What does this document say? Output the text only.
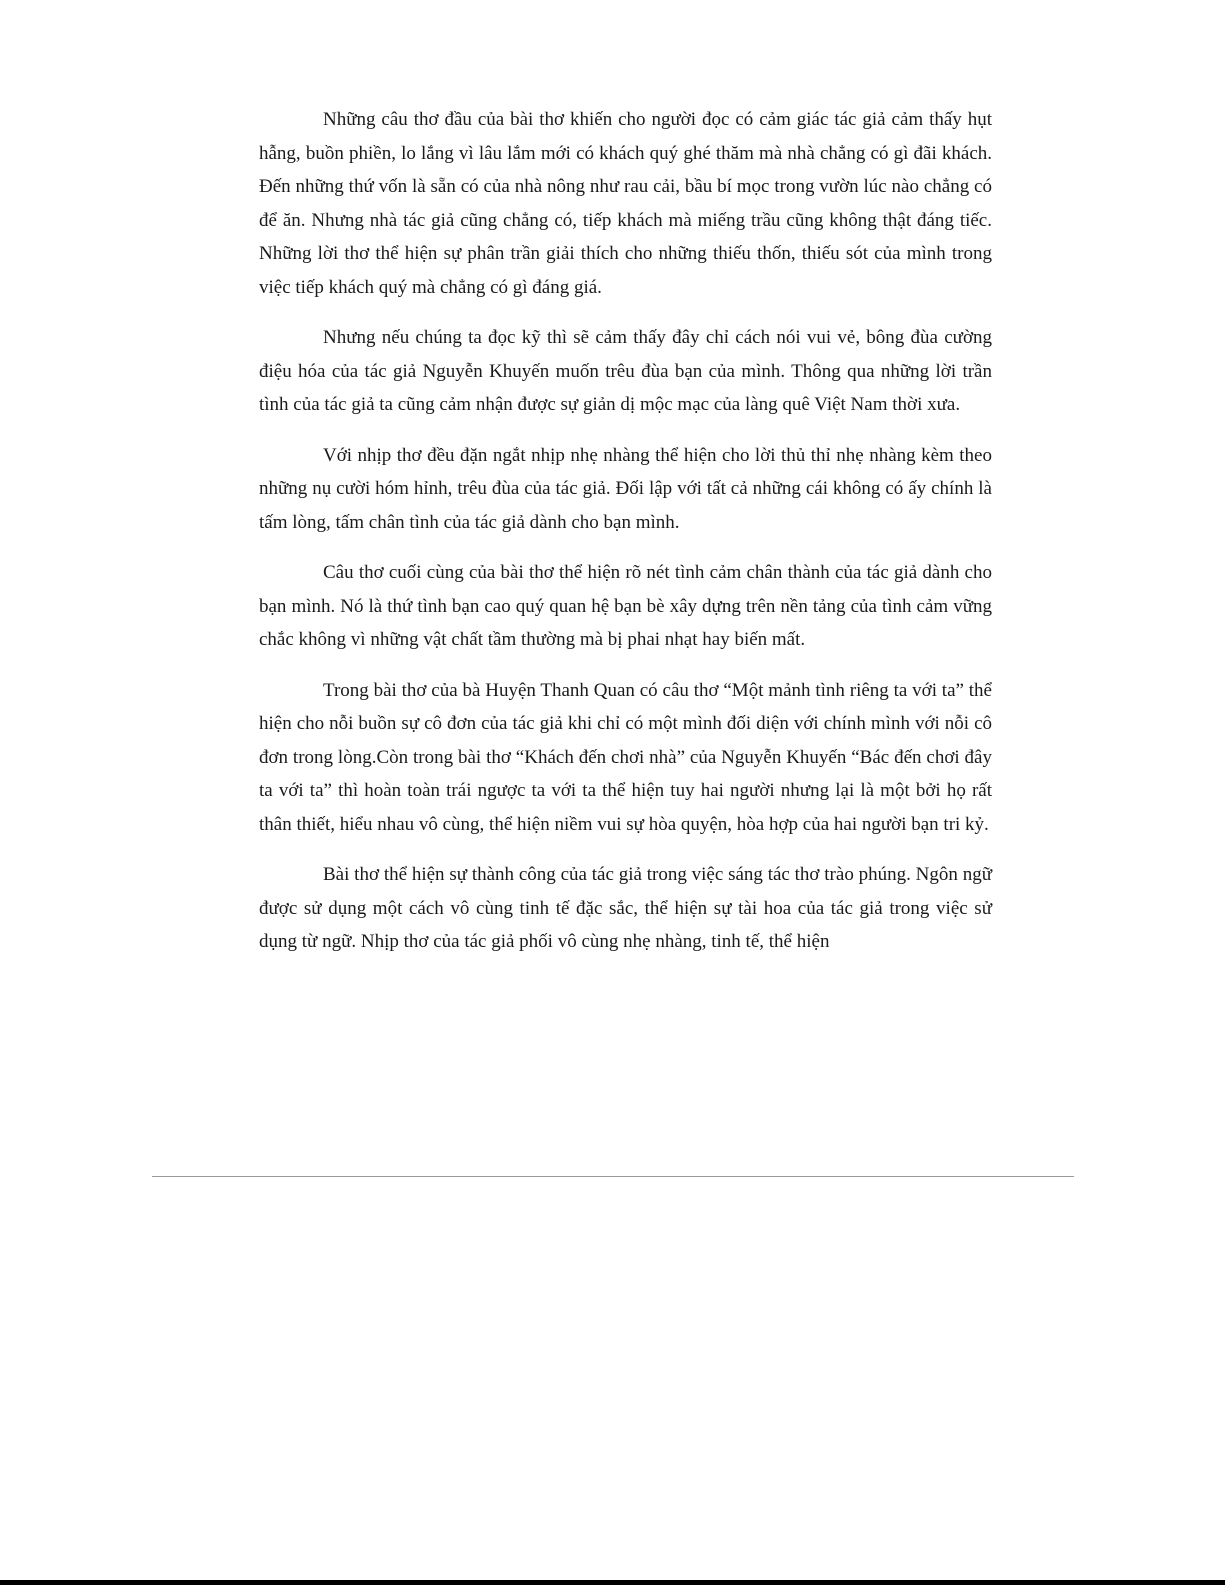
Những câu thơ đầu của bài thơ khiến cho người đọc có cảm giác tác giả cảm thấy hụt hẫng, buồn phiền, lo lắng vì lâu lắm mới có khách quý ghé thăm mà nhà chẳng có gì đãi khách. Đến những thứ vốn là sẵn có của nhà nông như rau cải, bầu bí mọc trong vườn lúc nào chẳng có để ăn. Nhưng nhà tác giả cũng chẳng có, tiếp khách mà miếng trầu cũng không thật đáng tiếc. Những lời thơ thể hiện sự phân trần giải thích cho những thiếu thốn, thiếu sót của mình trong việc tiếp khách quý mà chẳng có gì đáng giá.

Nhưng nếu chúng ta đọc kỹ thì sẽ cảm thấy đây chỉ cách nói vui vẻ, bông đùa cường điệu hóa của tác giả Nguyễn Khuyến muốn trêu đùa bạn của mình. Thông qua những lời trần tình của tác giả ta cũng cảm nhận được sự giản dị mộc mạc của làng quê Việt Nam thời xưa.

Với nhịp thơ đều đặn ngắt nhịp nhẹ nhàng thể hiện cho lời thủ thỉ nhẹ nhàng kèm theo những nụ cười hóm hỉnh, trêu đùa của tác giả. Đối lập với tất cả những cái không có ấy chính là tấm lòng, tấm chân tình của tác giả dành cho bạn mình.

Câu thơ cuối cùng của bài thơ thể hiện rõ nét tình cảm chân thành của tác giả dành cho bạn mình. Nó là thứ tình bạn cao quý quan hệ bạn bè xây dựng trên nền tảng của tình cảm vững chắc không vì những vật chất tầm thường mà bị phai nhạt hay biến mất.

Trong bài thơ của bà Huyện Thanh Quan có câu thơ “Một mảnh tình riêng ta với ta” thể hiện cho nỗi buồn sự cô đơn của tác giả khi chỉ có một mình đối diện với chính mình với nỗi cô đơn trong lòng.Còn trong bài thơ “Khách đến chơi nhà” của Nguyễn Khuyến “Bác đến chơi đây ta với ta” thì hoàn toàn trái ngược ta với ta thể hiện tuy hai người nhưng lại là một bởi họ rất thân thiết, hiểu nhau vô cùng, thể hiện niềm vui sự hòa quyện, hòa hợp của hai người bạn tri kỷ.

Bài thơ thể hiện sự thành công của tác giả trong việc sáng tác thơ trào phúng. Ngôn ngữ được sử dụng một cách vô cùng tinh tế đặc sắc, thể hiện sự tài hoa của tác giả trong việc sử dụng từ ngữ. Nhịp thơ của tác giả phối vô cùng nhẹ nhàng, tinh tế, thể hiện
